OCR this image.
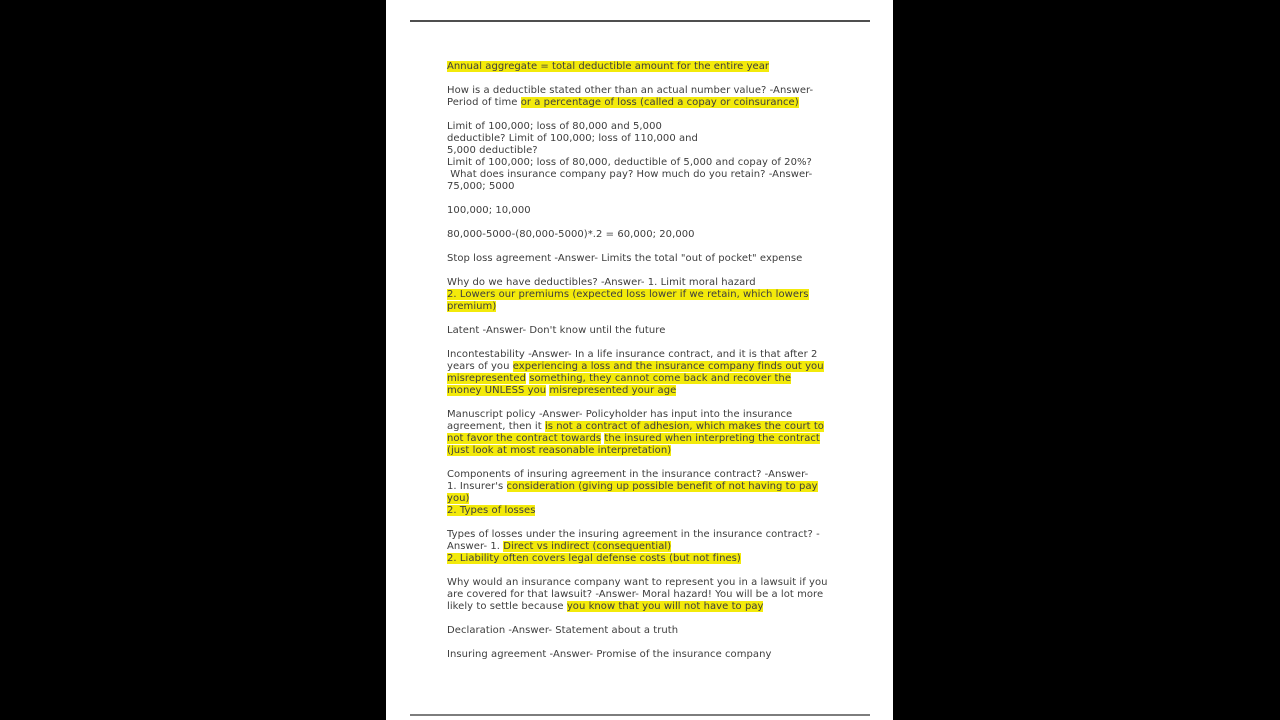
Annual aggregate = total deductible amount for the entire year

How is a deductible stated other than an actual number value? -Answer-
Period of time or a percentage of loss (called a copay or coinsurance)

Limit of 100,000; loss of 80,000 and 5,000
deductible? Limit of 100,000; loss of 110,000 and
5,000 deductible?
Limit of 100,000; loss of 80,000, deductible of 5,000 and copay of 20%?
What does insurance company pay? How much do you retain? -Answer-
75,000; 5000

100,000; 10,000

80,000-5000-(80,000-5000)*.2 = 60,000; 20,000

Stop loss agreement -Answer- Limits the total "out of pocket" expense

Why do we have deductibles? -Answer- 1. Limit moral hazard
2. Lowers our premiums (expected loss lower if we retain, which lowers
premium)

Latent -Answer- Don't know until the future

Incontestability -Answer- In a life insurance contract, and it is that after 2
years of you experiencing a loss and the insurance company finds out you
misrepresented something, they cannot come back and recover the
money UNLESS you misrepresented your age

Manuscript policy -Answer- Policyholder has input into the insurance
agreement, then it is not a contract of adhesion, which makes the court to
not favor the contract towards the insured when interpreting the contract
(just look at most reasonable interpretation)

Components of insuring agreement in the insurance contract? -Answer-
1. Insurer's consideration (giving up possible benefit of not having to pay
you)
2. Types of losses

Types of losses under the insuring agreement in the insurance contract? -
Answer- 1. Direct vs indirect (consequential)
2. Liability often covers legal defense costs (but not fines)

Why would an insurance company want to represent you in a lawsuit if you
are covered for that lawsuit? -Answer- Moral hazard! You will be a lot more
likely to settle because you know that you will not have to pay

Declaration -Answer- Statement about a truth

Insuring agreement -Answer- Promise of the insurance company
